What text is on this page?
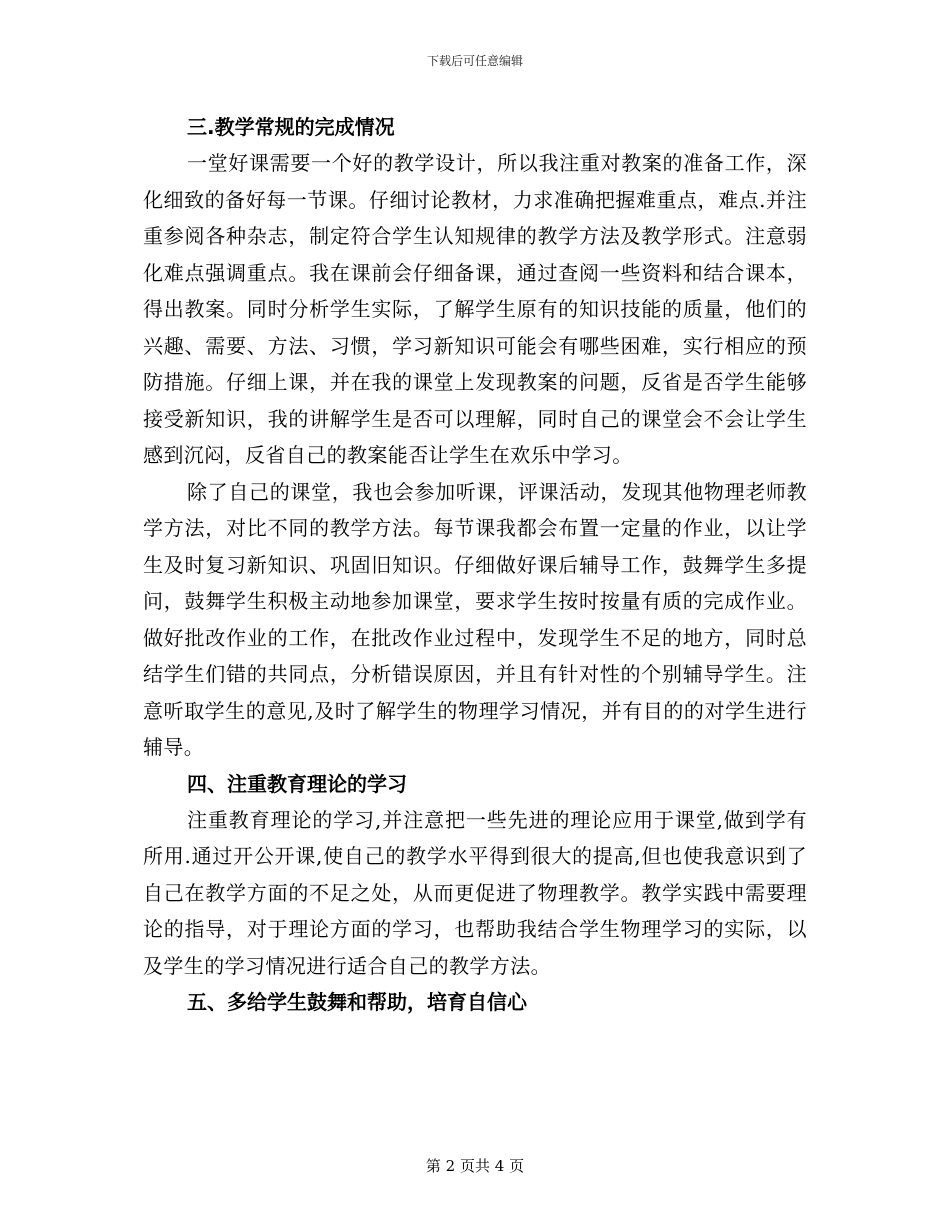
下载后可任意编辑
三.教学常规的完成情况

一堂好课需要一个好的教学设计，所以我注重对教案的准备工作，深化细致的备好每一节课。仔细讨论教材，力求准确把握难重点，难点.并注重参阅各种杂志，制定符合学生认知规律的教学方法及教学形式。注意弱化难点强调重点。我在课前会仔细备课，通过查阅一些资料和结合课本，得出教案。同时分析学生实际，了解学生原有的知识技能的质量，他们的兴趣、需要、方法、习惯，学习新知识可能会有哪些困难，实行相应的预防措施。仔细上课，并在我的课堂上发现教案的问题，反省是否学生能够接受新知识，我的讲解学生是否可以理解，同时自己的课堂会不会让学生感到沉闷，反省自己的教案能否让学生在欢乐中学习。

除了自己的课堂，我也会参加听课，评课活动，发现其他物理老师教学方法，对比不同的教学方法。每节课我都会布置一定量的作业，以让学生及时复习新知识、巩固旧知识。仔细做好课后辅导工作，鼓舞学生多提问，鼓舞学生积极主动地参加课堂，要求学生按时按量有质的完成作业。做好批改作业的工作，在批改作业过程中，发现学生不足的地方，同时总结学生们错的共同点，分析错误原因，并且有针对性的个别辅导学生。注意听取学生的意见,及时了解学生的物理学习情况，并有目的的对学生进行辅导。

四、注重教育理论的学习

注重教育理论的学习,并注意把一些先进的理论应用于课堂,做到学有所用.通过开公开课,使自己的教学水平得到很大的提高,但也使我意识到了自己在教学方面的不足之处，从而更促进了物理教学。教学实践中需要理论的指导，对于理论方面的学习，也帮助我结合学生物理学习的实际，以及学生的学习情况进行适合自己的教学方法。

五、多给学生鼓舞和帮助，培育自信心
第 2 页共 4 页
